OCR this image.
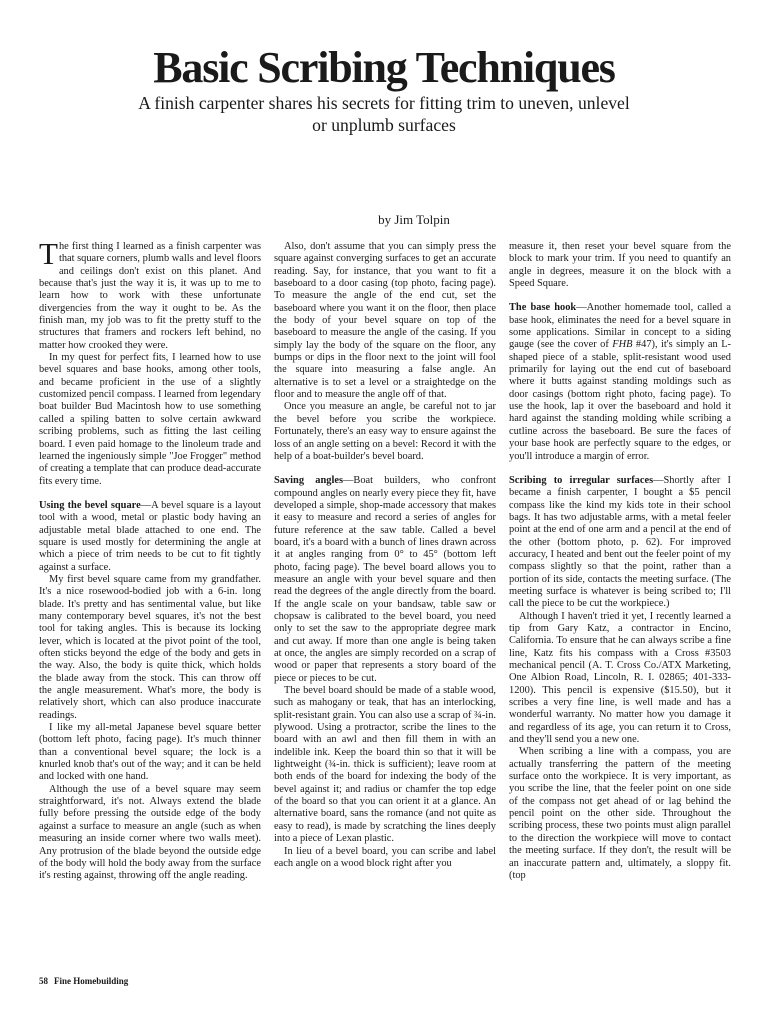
Basic Scribing Techniques
A finish carpenter shares his secrets for fitting trim to uneven, unlevel or unplumb surfaces
by Jim Tolpin

The first thing I learned as a finish carpenter was that square corners, plumb walls and level floors and ceilings don't exist on this planet. And because that's just the way it is, it was up to me to learn how to work with these unfortunate divergencies from the way it ought to be. As the finish man, my job was to fit the pretty stuff to the structures that framers and rockers left behind, no matter how crooked they were.

In my quest for perfect fits, I learned how to use bevel squares and base hooks, among other tools, and became proficient in the use of a slightly customized pencil compass. I learned from legendary boat builder Bud Macintosh how to use something called a spiling batten to solve certain awkward scribing problems, such as fitting the last ceiling board. I even paid homage to the linoleum trade and learned the ingeniously simple "Joe Frogger" method of creating a template that can produce dead-accurate fits every time.

Using the bevel square—A bevel square is a layout tool with a wood, metal or plastic body having an adjustable metal blade attached to one end. The square is used mostly for determining the angle at which a piece of trim needs to be cut to fit tightly against a surface.

My first bevel square came from my grandfather. It's a nice rosewood-bodied job with a 6-in. long blade. It's pretty and has sentimental value, but like many contemporary bevel squares, it's not the best tool for taking angles. This is because its locking lever, which is located at the pivot point of the tool, often sticks beyond the edge of the body and gets in the way. Also, the body is quite thick, which holds the blade away from the stock. This can throw off the angle measurement. What's more, the body is relatively short, which can also produce inaccurate readings.

I like my all-metal Japanese bevel square better (bottom left photo, facing page). It's much thinner than a conventional bevel square; the lock is a knurled knob that's out of the way; and it can be held and locked with one hand.

Although the use of a bevel square may seem straightforward, it's not. Always extend the blade fully before pressing the outside edge of the body against a surface to measure an angle (such as when measuring an inside corner where two walls meet). Any protrusion of the blade beyond the outside edge of the body will hold the body away from the surface it's resting against, throwing off the angle reading.

Also, don't assume that you can simply press the square against converging surfaces to get an accurate reading. Say, for instance, that you want to fit a baseboard to a door casing (top photo, facing page). To measure the angle of the end cut, set the baseboard where you want it on the floor, then place the body of your bevel square on top of the baseboard to measure the angle of the casing. If you simply lay the body of the square on the floor, any bumps or dips in the floor next to the joint will fool the square into measuring a false angle. An alternative is to set a level or a straightedge on the floor and to measure the angle off of that.

Once you measure an angle, be careful not to jar the bevel before you scribe the workpiece. Fortunately, there's an easy way to ensure against the loss of an angle setting on a bevel: Record it with the help of a boat-builder's bevel board.

Saving angles—Boat builders, who confront compound angles on nearly every piece they fit, have developed a simple, shop-made accessory that makes it easy to measure and record a series of angles for future reference at the saw table. Called a bevel board, it's a board with a bunch of lines drawn across it at angles ranging from 0° to 45° (bottom left photo, facing page). The bevel board allows you to measure an angle with your bevel square and then read the degrees of the angle directly from the board. If the angle scale on your bandsaw, table saw or chopsaw is calibrated to the bevel board, you need only to set the saw to the appropriate degree mark and cut away. If more than one angle is being taken at once, the angles are simply recorded on a scrap of wood or paper that represents a story board of the piece or pieces to be cut.

The bevel board should be made of a stable wood, such as mahogany or teak, that has an interlocking, split-resistant grain. You can also use a scrap of ¾-in. plywood. Using a protractor, scribe the lines to the board with an awl and then fill them in with an indelible ink. Keep the board thin so that it will be lightweight (¾-in. thick is sufficient); leave room at both ends of the board for indexing the body of the bevel against it; and radius or chamfer the top edge of the board so that you can orient it at a glance. An alternative board, sans the romance (and not quite as easy to read), is made by scratching the lines deeply into a piece of Lexan plastic.

In lieu of a bevel board, you can scribe and label each angle on a wood block right after you

measure it, then reset your bevel square from the block to mark your trim. If you need to quantify an angle in degrees, measure it on the block with a Speed Square.

The base hook—Another homemade tool, called a base hook, eliminates the need for a bevel square in some applications. Similar in concept to a siding gauge (see the cover of FHB #47), it's simply an L-shaped piece of a stable, split-resistant wood used primarily for laying out the end cut of baseboard where it butts against standing moldings such as door casings (bottom right photo, facing page). To use the hook, lap it over the baseboard and hold it hard against the standing molding while scribing a cutline across the baseboard. Be sure the faces of your base hook are perfectly square to the edges, or you'll introduce a margin of error.

Scribing to irregular surfaces—Shortly after I became a finish carpenter, I bought a $5 pencil compass like the kind my kids tote in their school bags. It has two adjustable arms, with a metal feeler point at the end of one arm and a pencil at the end of the other (bottom photo, p. 62). For improved accuracy, I heated and bent out the feeler point of my compass slightly so that the point, rather than a portion of its side, contacts the meeting surface. (The meeting surface is whatever is being scribed to; I'll call the piece to be cut the workpiece.)

Although I haven't tried it yet, I recently learned a tip from Gary Katz, a contractor in Encino, California. To ensure that he can always scribe a fine line, Katz fits his compass with a Cross #3503 mechanical pencil (A. T. Cross Co./ATX Marketing, One Albion Road, Lincoln, R. I. 02865; 401-333-1200). This pencil is expensive ($15.50), but it scribes a very fine line, is well made and has a wonderful warranty. No matter how you damage it and regardless of its age, you can return it to Cross, and they'll send you a new one.

When scribing a line with a compass, you are actually transferring the pattern of the meeting surface onto the workpiece. It is very important, as you scribe the line, that the feeler point on one side of the compass not get ahead of or lag behind the pencil point on the other side. Throughout the scribing process, these two points must align parallel to the direction the workpiece will move to contact the meeting surface. If they don't, the result will be an inaccurate pattern and, ultimately, a sloppy fit. (top

58 Fine Homebuilding
